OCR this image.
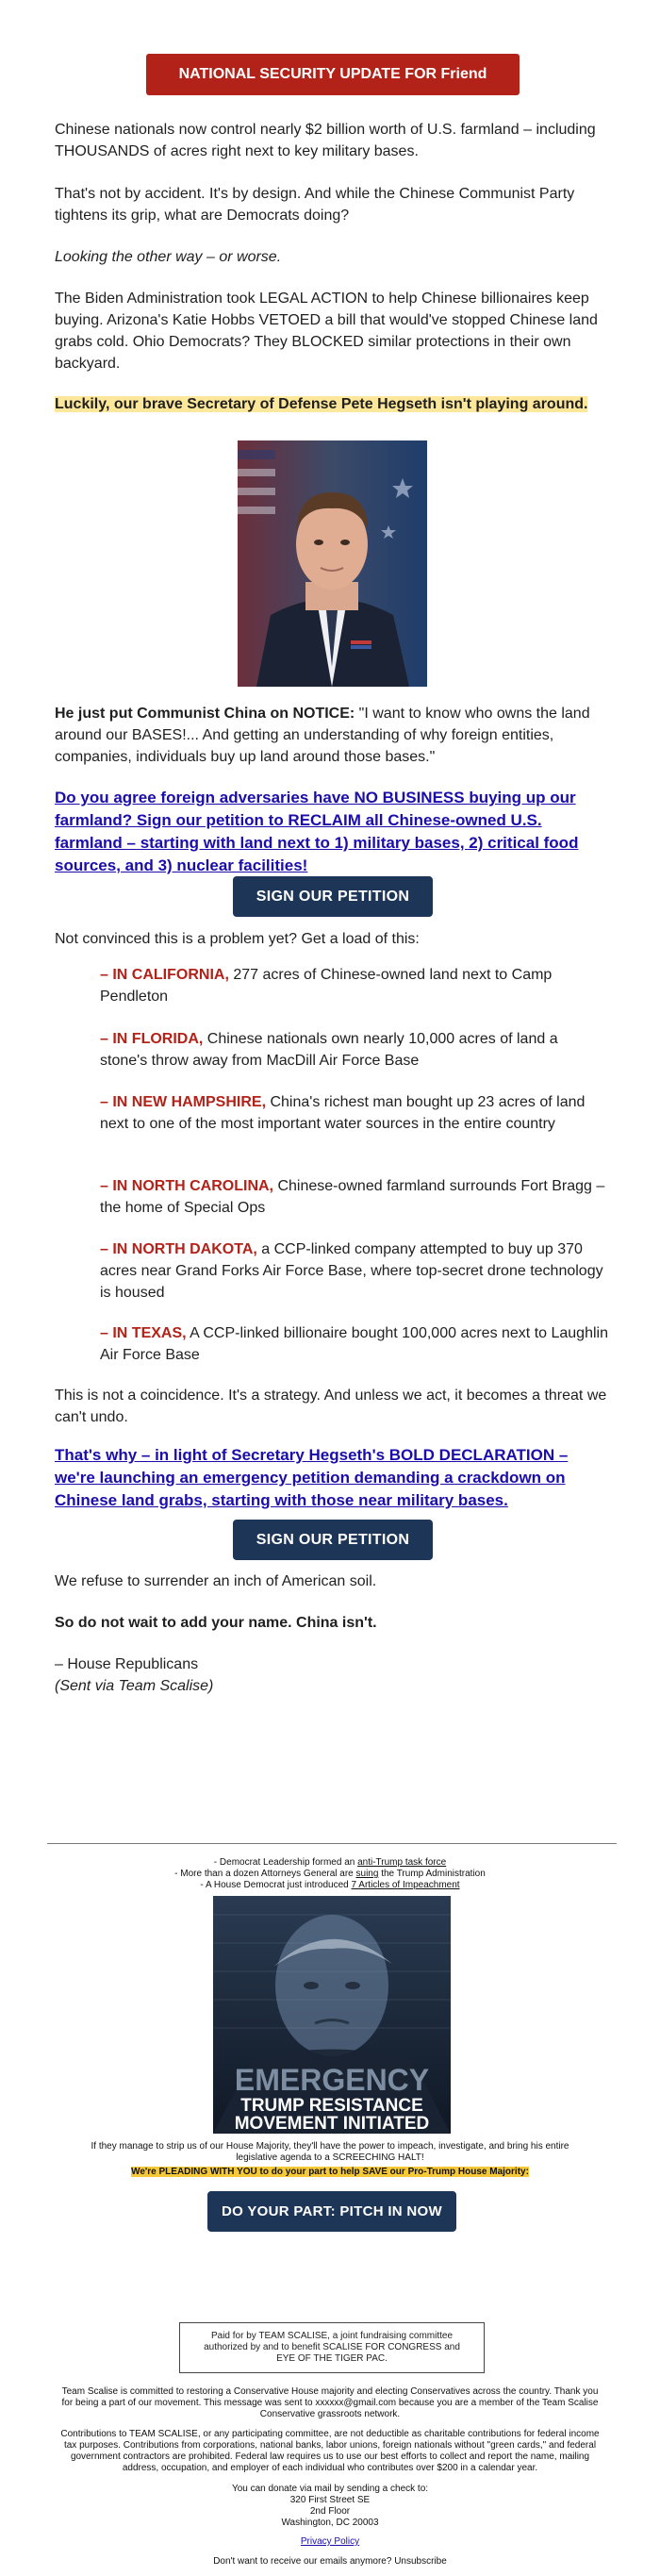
NATIONAL SECURITY UPDATE FOR Friend
Chinese nationals now control nearly $2 billion worth of U.S. farmland – including THOUSANDS of acres right next to key military bases.
That's not by accident. It's by design. And while the Chinese Communist Party tightens its grip, what are Democrats doing?
Looking the other way – or worse.
The Biden Administration took LEGAL ACTION to help Chinese billionaires keep buying. Arizona's Katie Hobbs VETOED a bill that would've stopped Chinese land grabs cold. Ohio Democrats? They BLOCKED similar protections in their own backyard.
Luckily, our brave Secretary of Defense Pete Hegseth isn't playing around.
He just put Communist China on NOTICE: "I want to know who owns the land around our BASES!... And getting an understanding of why foreign entities, companies, individuals buy up land around those bases."
Do you agree foreign adversaries have NO BUSINESS buying up our farmland? Sign our petition to RECLAIM all Chinese-owned U.S. farmland – starting with land next to 1) military bases, 2) critical food sources, and 3) nuclear facilities!
SIGN OUR PETITION
Not convinced this is a problem yet? Get a load of this:
– IN CALIFORNIA, 277 acres of Chinese-owned land next to Camp Pendleton
– IN FLORIDA, Chinese nationals own nearly 10,000 acres of land a stone's throw away from MacDill Air Force Base
– IN NEW HAMPSHIRE, China's richest man bought up 23 acres of land next to one of the most important water sources in the entire country
– IN NORTH CAROLINA, Chinese-owned farmland surrounds Fort Bragg – the home of Special Ops
– IN NORTH DAKOTA, a CCP-linked company attempted to buy up 370 acres near Grand Forks Air Force Base, where top-secret drone technology is housed
– IN TEXAS, A CCP-linked billionaire bought 100,000 acres next to Laughlin Air Force Base
This is not a coincidence. It's a strategy. And unless we act, it becomes a threat we can't undo.
That's why – in light of Secretary Hegseth's BOLD DECLARATION – we're launching an emergency petition demanding a crackdown on Chinese land grabs, starting with those near military bases.
SIGN OUR PETITION
We refuse to surrender an inch of American soil.
So do not wait to add your name. China isn't.
– House Republicans
(Sent via Team Scalise)
- Democrat Leadership formed an anti-Trump task force
- More than a dozen Attorneys General are suing the Trump Administration
- A House Democrat just introduced 7 Articles of Impeachment
EMERGENCY
TRUMP RESISTANCE
MOVEMENT INITIATED
If they manage to strip us of our House Majority, they'll have the power to impeach, investigate, and bring his entire legislative agenda to a SCREECHING HALT!
We're PLEADING WITH YOU to do your part to help SAVE our Pro-Trump House Majority:
DO YOUR PART: PITCH IN NOW
Paid for by TEAM SCALISE, a joint fundraising committee
authorized by and to benefit SCALISE FOR CONGRESS and
EYE OF THE TIGER PAC.
Team Scalise is committed to restoring a Conservative House majority and electing Conservatives across the country. Thank you for being a part of our movement. This message was sent to xxxxxx@gmail.com because you are a member of the Team Scalise Conservative grassroots network.
Contributions to TEAM SCALISE, or any participating committee, are not deductible as charitable contributions for federal income tax purposes. Contributions from corporations, national banks, labor unions, foreign nationals without "green cards," and federal government contractors are prohibited. Federal law requires us to use our best efforts to collect and report the name, mailing address, occupation, and employer of each individual who contributes over $200 in a calendar year.
You can donate via mail by sending a check to:
320 First Street SE
2nd Floor
Washington, DC 20003
Privacy Policy
Don't want to receive our emails anymore? Unsubscribe
